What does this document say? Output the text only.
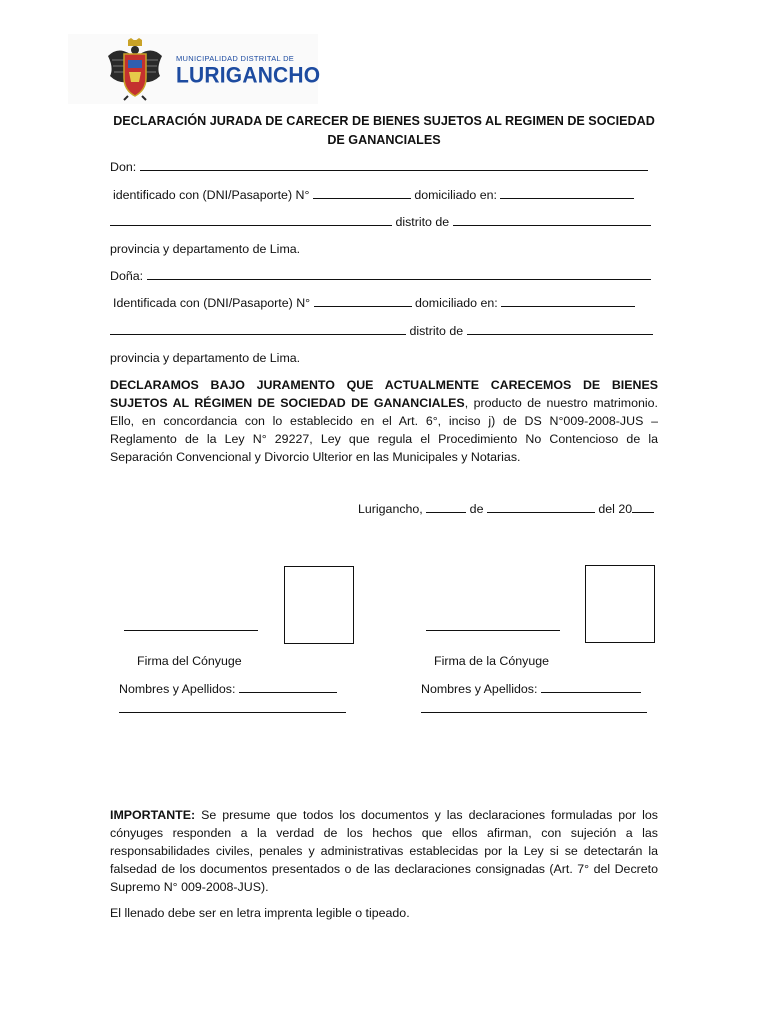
MUNICIPALIDAD DISTRITAL DE
LURIGANCHO
DECLARACIÓN JURADA DE CARECER DE BIENES SUJETOS AL REGIMEN DE SOCIEDAD DE GANANCIALES
Don:
identificado con (DNI/Pasaporte) N°	domiciliado en:
distrito de
provincia y departamento de Lima.
Doña:
Identificada con (DNI/Pasaporte) N°	domiciliado en:
distrito de
provincia y departamento de Lima.
DECLARAMOS BAJO JURAMENTO QUE ACTUALMENTE CARECEMOS DE BIENES SUJETOS AL RÉGIMEN DE SOCIEDAD DE GANANCIALES, producto de nuestro matrimonio. Ello, en concordancia con lo establecido en el Art. 6°, inciso j) de DS N°009-2008-JUS – Reglamento de la Ley N° 29227, Ley que regula el Procedimiento No Contencioso de la Separación Convencional y Divorcio Ulterior en las Municipales y Notarias.
Lurigancho,	de	del 20
Firma del Cónyuge	Firma de la Cónyuge
Nombres y Apellidos:	Nombres y Apellidos:
IMPORTANTE: Se presume que todos los documentos y las declaraciones formuladas por los cónyuges responden a la verdad de los hechos que ellos afirman, con sujeción a las responsabilidades civiles, penales y administrativas establecidas por la Ley si se detectarán la falsedad de los documentos presentados o de las declaraciones consignadas (Art. 7° del Decreto Supremo N° 009-2008-JUS).
El llenado debe ser en letra imprenta legible o tipeado.
